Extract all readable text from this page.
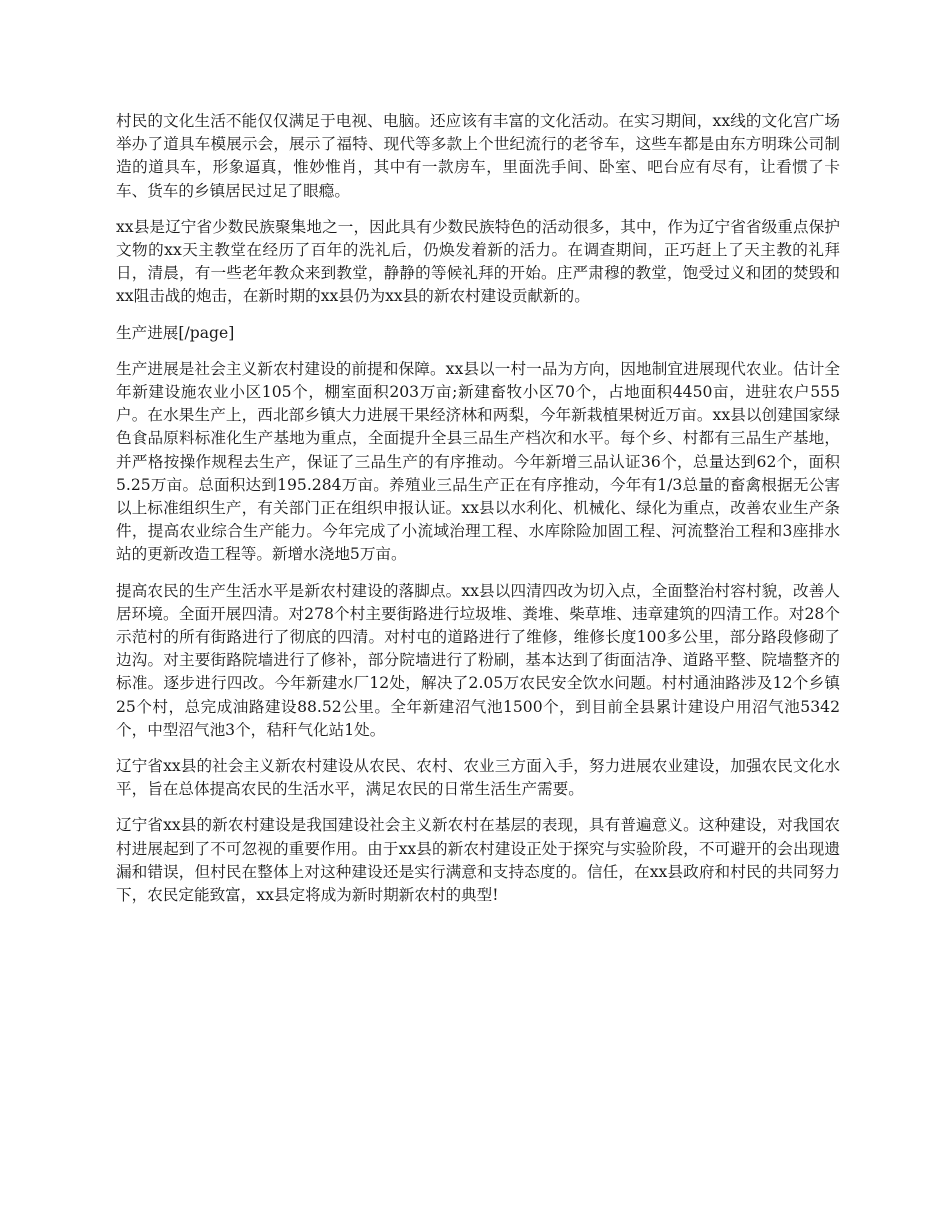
村民的文化生活不能仅仅满足于电视、电脑。还应该有丰富的文化活动。在实习期间，xx线的文化宫广场举办了道具车模展示会，展示了福特、现代等多款上个世纪流行的老爷车，这些车都是由东方明珠公司制造的道具车，形象逼真，惟妙惟肖，其中有一款房车，里面洗手间、卧室、吧台应有尽有，让看惯了卡车、货车的乡镇居民过足了眼瘾。

xx县是辽宁省少数民族聚集地之一，因此具有少数民族特色的活动很多，其中，作为辽宁省省级重点保护文物的xx天主教堂在经历了百年的洗礼后，仍焕发着新的活力。在调查期间，正巧赶上了天主教的礼拜日，清晨，有一些老年教众来到教堂，静静的等候礼拜的开始。庄严肃穆的教堂，饱受过义和团的焚毁和xx阻击战的炮击，在新时期的xx县仍为xx县的新农村建设贡献新的。

生产进展[/page]

生产进展是社会主义新农村建设的前提和保障。xx县以一村一品为方向，因地制宜进展现代农业。估计全年新建设施农业小区105个，棚室面积203万亩;新建畜牧小区70个，占地面积4450亩，进驻农户555户。在水果生产上，西北部乡镇大力进展干果经济林和两梨，今年新栽植果树近万亩。xx县以创建国家绿色食品原料标准化生产基地为重点，全面提升全县三品生产档次和水平。每个乡、村都有三品生产基地，并严格按操作规程去生产，保证了三品生产的有序推动。今年新增三品认证36个，总量达到62个，面积5.25万亩。总面积达到195.284万亩。养殖业三品生产正在有序推动，今年有1/3总量的畜禽根据无公害以上标准组织生产，有关部门正在组织申报认证。xx县以水利化、机械化、绿化为重点，改善农业生产条件，提高农业综合生产能力。今年完成了小流域治理工程、水库除险加固工程、河流整治工程和3座排水站的更新改造工程等。新增水浇地5万亩。

提高农民的生产生活水平是新农村建设的落脚点。xx县以四清四改为切入点，全面整治村容村貌，改善人居环境。全面开展四清。对278个村主要街路进行垃圾堆、粪堆、柴草堆、违章建筑的四清工作。对28个示范村的所有街路进行了彻底的四清。对村屯的道路进行了维修，维修长度100多公里，部分路段修砌了边沟。对主要街路院墙进行了修补，部分院墙进行了粉刷，基本达到了街面洁净、道路平整、院墙整齐的标准。逐步进行四改。今年新建水厂12处，解决了2.05万农民安全饮水问题。村村通油路涉及12个乡镇25个村，总完成油路建设88.52公里。全年新建沼气池1500个，到目前全县累计建设户用沼气池5342个，中型沼气池3个，秸秆气化站1处。

辽宁省xx县的社会主义新农村建设从农民、农村、农业三方面入手，努力进展农业建设，加强农民文化水平，旨在总体提高农民的生活水平，满足农民的日常生活生产需要。

辽宁省xx县的新农村建设是我国建设社会主义新农村在基层的表现，具有普遍意义。这种建设，对我国农村进展起到了不可忽视的重要作用。由于xx县的新农村建设正处于探究与实验阶段，不可避开的会出现遗漏和错误，但村民在整体上对这种建设还是实行满意和支持态度的。信任，在xx县政府和村民的共同努力下，农民定能致富，xx县定将成为新时期新农村的典型!
